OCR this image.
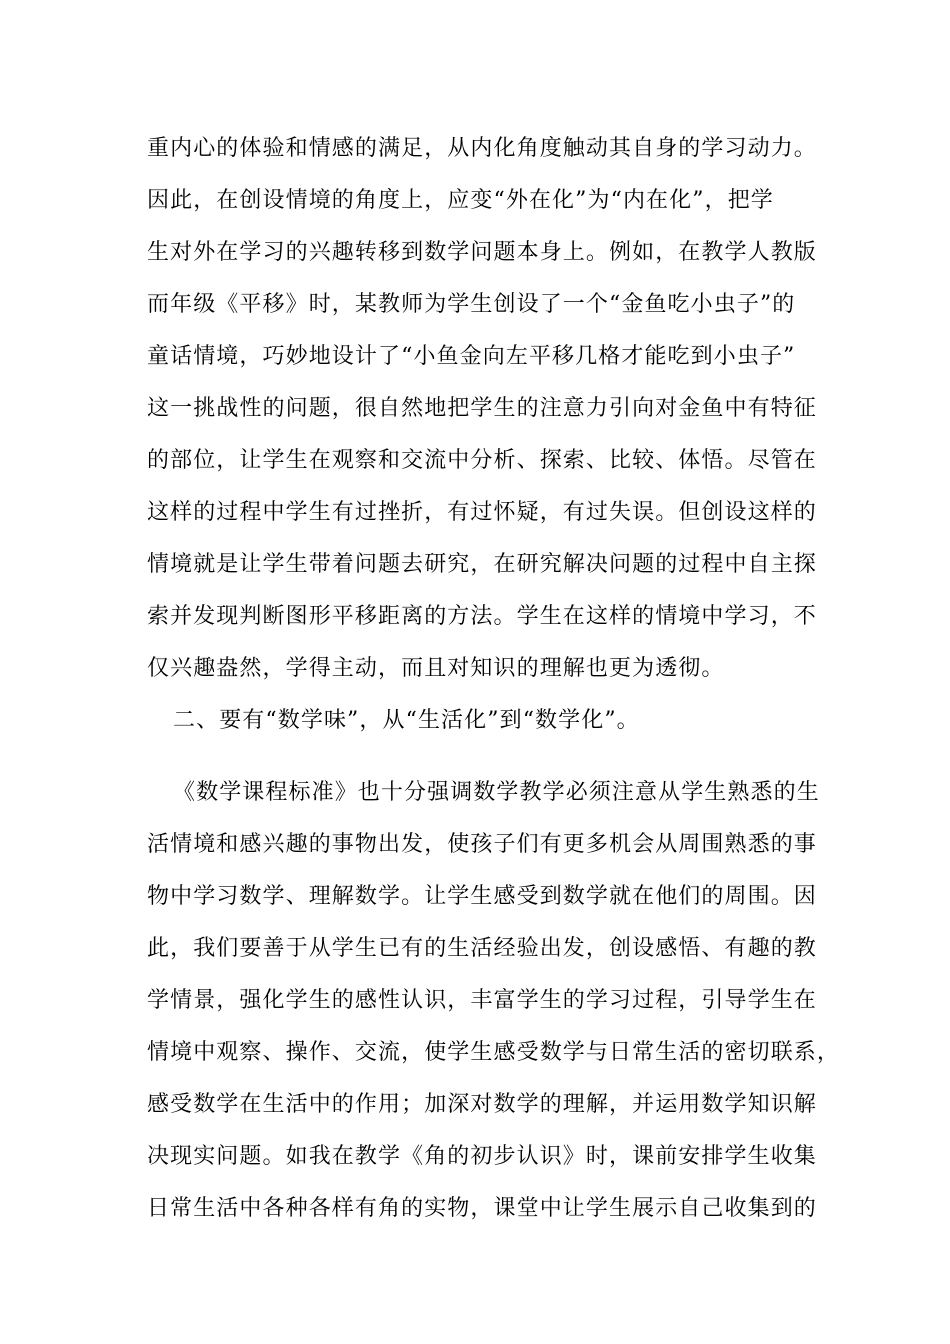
重内心的体验和情感的满足，从内化角度触动其自身的学习动力。
因此，在创设情境的角度上，应变“外在化”为“内在化”，把学
生对外在学习的兴趣转移到数学问题本身上。例如，在教学人教版
而年级《平移》时，某教师为学生创设了一个“金鱼吃小虫子”的
童话情境，巧妙地设计了“小鱼金向左平移几格才能吃到小虫子”
这一挑战性的问题，很自然地把学生的注意力引向对金鱼中有特征
的部位，让学生在观察和交流中分析、探索、比较、体悟。尽管在
这样的过程中学生有过挫折，有过怀疑，有过失误。但创设这样的
情境就是让学生带着问题去研究，在研究解决问题的过程中自主探
索并发现判断图形平移距离的方法。学生在这样的情境中学习，不
仅兴趣盎然，学得主动，而且对知识的理解也更为透彻。
二、要有“数学味”，从“生活化”到“数学化”。
《数学课程标准》也十分强调数学教学必须注意从学生熟悉的生
活情境和感兴趣的事物出发，使孩子们有更多机会从周围熟悉的事
物中学习数学、理解数学。让学生感受到数学就在他们的周围。因
此，我们要善于从学生已有的生活经验出发，创设感悟、有趣的教
学情景，强化学生的感性认识，丰富学生的学习过程，引导学生在
情境中观察、操作、交流，使学生感受数学与日常生活的密切联系，
感受数学在生活中的作用；加深对数学的理解，并运用数学知识解
决现实问题。如我在教学《角的初步认识》时，课前安排学生收集
日常生活中各种各样有角的实物，课堂中让学生展示自己收集到的
